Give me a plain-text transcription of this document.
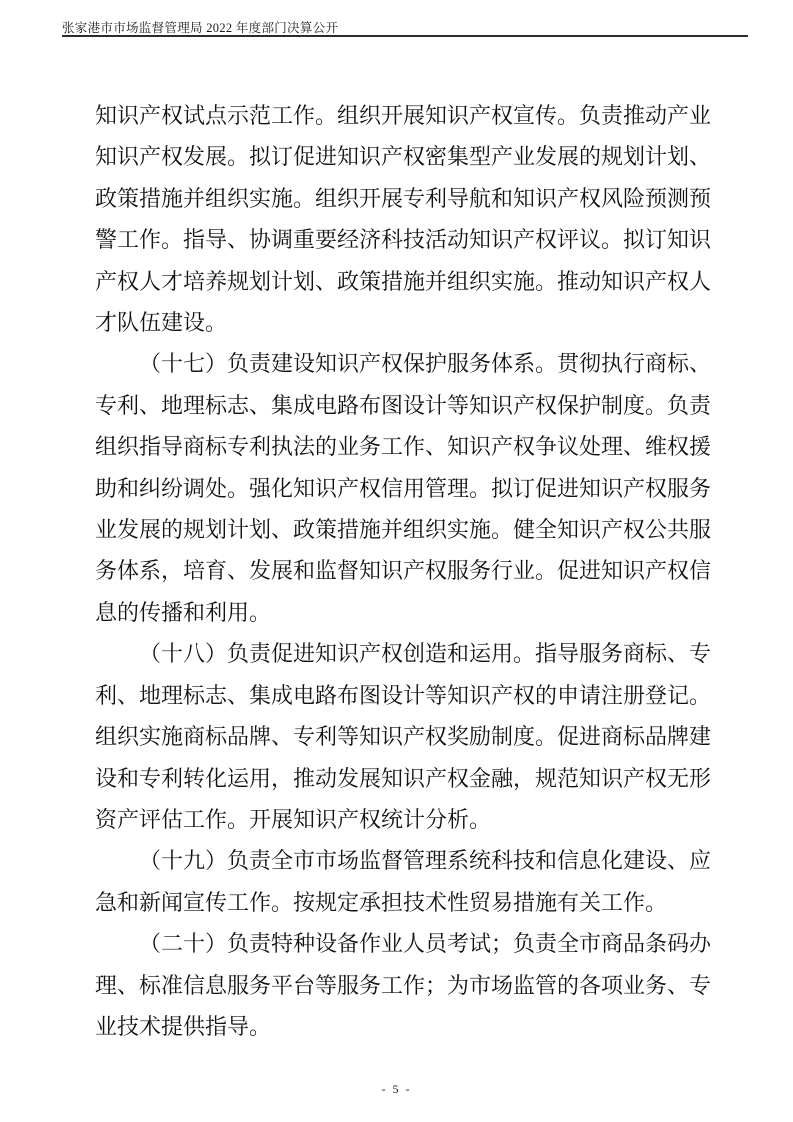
张家港市市场监督管理局 2022 年度部门决算公开

知识产权试点示范工作。组织开展知识产权宣传。负责推动产业知识产权发展。拟订促进知识产权密集型产业发展的规划计划、政策措施并组织实施。组织开展专利导航和知识产权风险预测预警工作。指导、协调重要经济科技活动知识产权评议。拟订知识产权人才培养规划计划、政策措施并组织实施。推动知识产权人才队伍建设。

（十七）负责建设知识产权保护服务体系。贯彻执行商标、专利、地理标志、集成电路布图设计等知识产权保护制度。负责组织指导商标专利执法的业务工作、知识产权争议处理、维权援助和纠纷调处。强化知识产权信用管理。拟订促进知识产权服务业发展的规划计划、政策措施并组织实施。健全知识产权公共服务体系，培育、发展和监督知识产权服务行业。促进知识产权信息的传播和利用。

（十八）负责促进知识产权创造和运用。指导服务商标、专利、地理标志、集成电路布图设计等知识产权的申请注册登记。组织实施商标品牌、专利等知识产权奖励制度。促进商标品牌建设和专利转化运用，推动发展知识产权金融，规范知识产权无形资产评估工作。开展知识产权统计分析。

（十九）负责全市市场监督管理系统科技和信息化建设、应急和新闻宣传工作。按规定承担技术性贸易措施有关工作。

（二十）负责特种设备作业人员考试；负责全市商品条码办理、标准信息服务平台等服务工作；为市场监管的各项业务、专业技术提供指导。

- 5 -
